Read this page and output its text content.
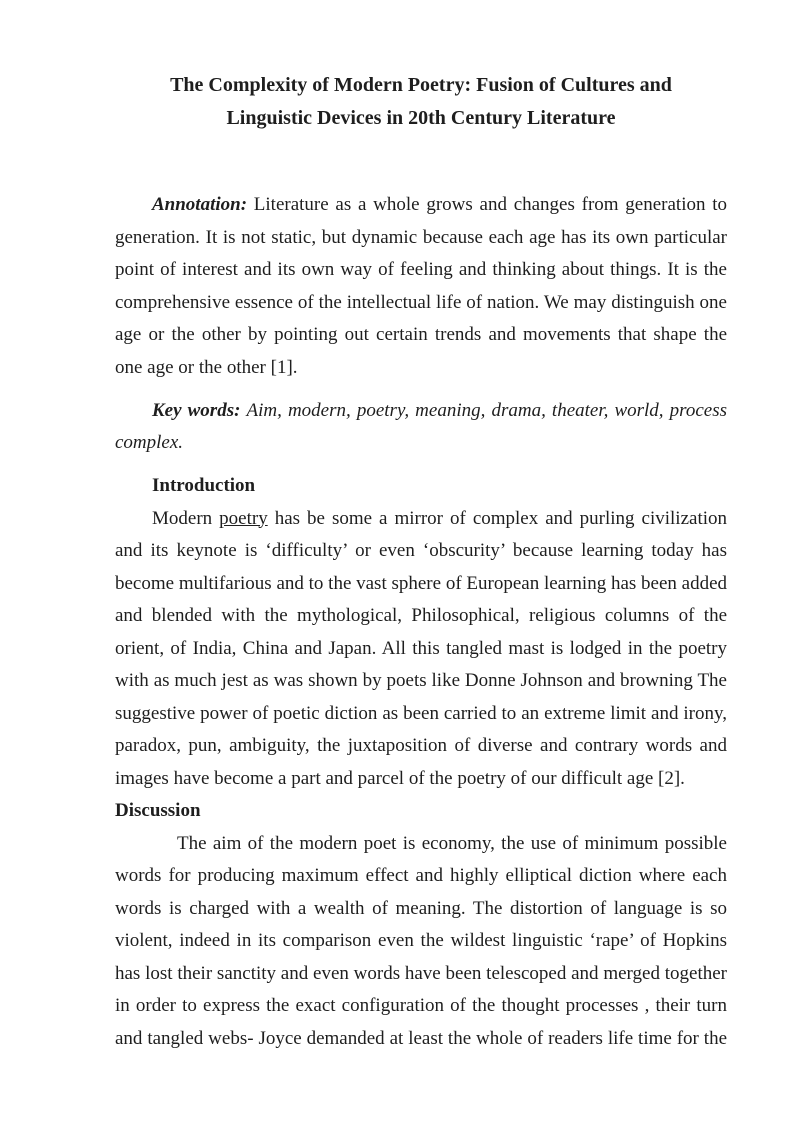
The Complexity of Modern Poetry: Fusion of Cultures and Linguistic Devices in 20th Century Literature

Annotation: Literature as a whole grows and changes from generation to generation. It is not static, but dynamic because each age has its own particular point of interest and its own way of feeling and thinking about things. It is the comprehensive essence of the intellectual life of nation. We may distinguish one age or the other by pointing out certain trends and movements that shape the one age or the other [1].

Key words: Aim, modern, poetry, meaning, drama, theater, world, process complex.

Introduction

Modern poetry has be some a mirror of complex and purling civilization and its keynote is ‘difficulty’ or even ‘obscurity’ because learning today has become multifarious and to the vast sphere of European learning has been added and blended with the mythological, Philosophical, religious columns of the orient, of India, China and Japan. All this tangled mast is lodged in the poetry with as much jest as was shown by poets like Donne Johnson and browning The suggestive power of poetic diction as been carried to an extreme limit and irony, paradox, pun, ambiguity, the juxtaposition of diverse and contrary words and images have become a part and parcel of the poetry of our difficult age [2].

Discussion

The aim of the modern poet is economy, the use of minimum possible words for producing maximum effect and highly elliptical diction where each words is charged with a wealth of meaning. The distortion of language is so violent, indeed in its comparison even the wildest linguistic ‘rape’ of Hopkins has lost their sanctity and even words have been telescoped and merged together in order to express the exact configuration of the thought processes , their turn and tangled webs- Joyce demanded at least the whole of readers life time for the
